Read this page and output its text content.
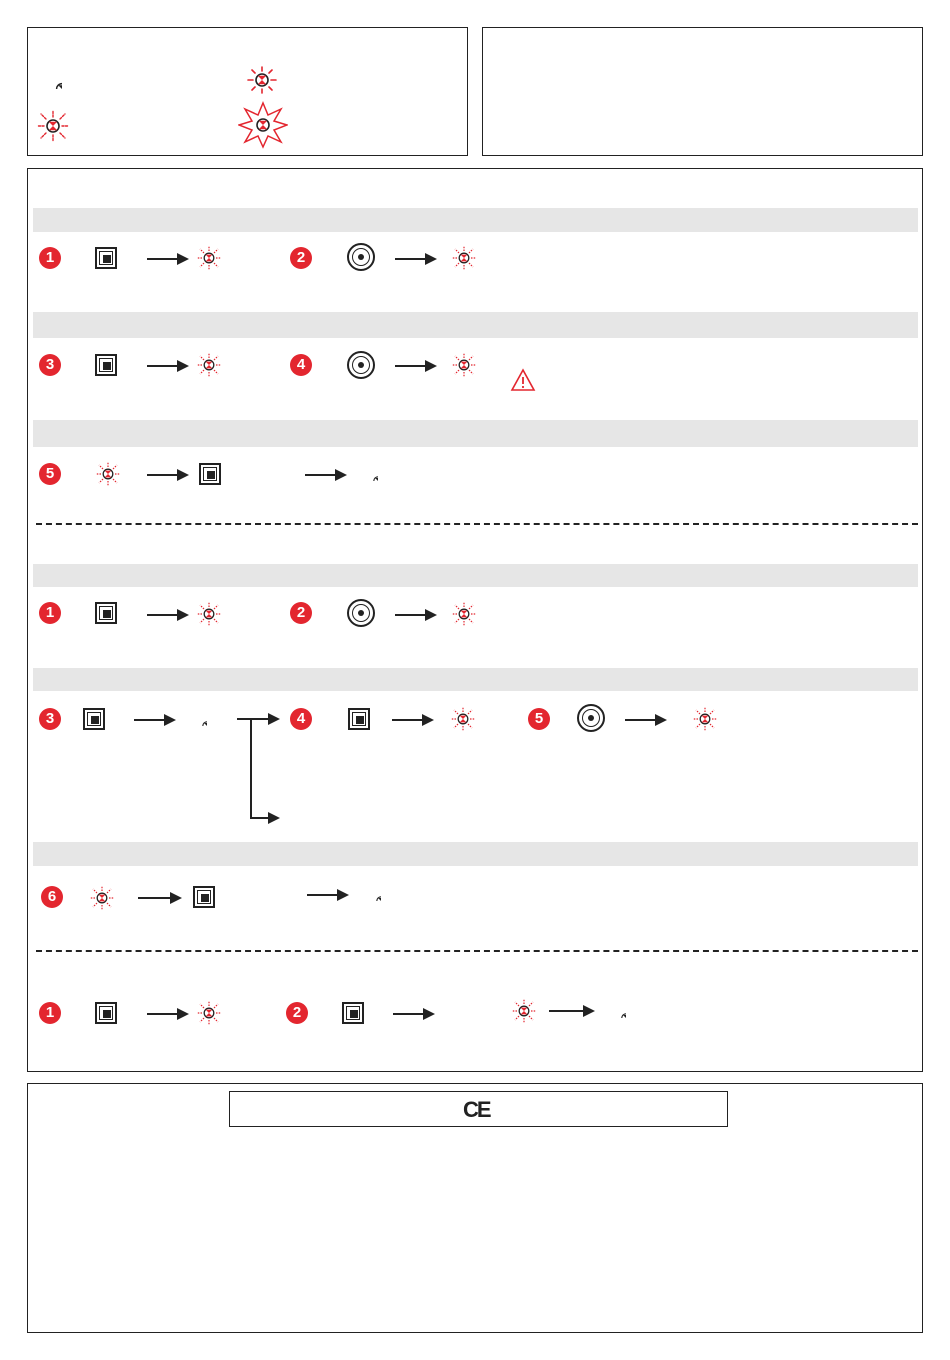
1	2
3	4
5
1	2
3	4	5
6
1	2
CE
